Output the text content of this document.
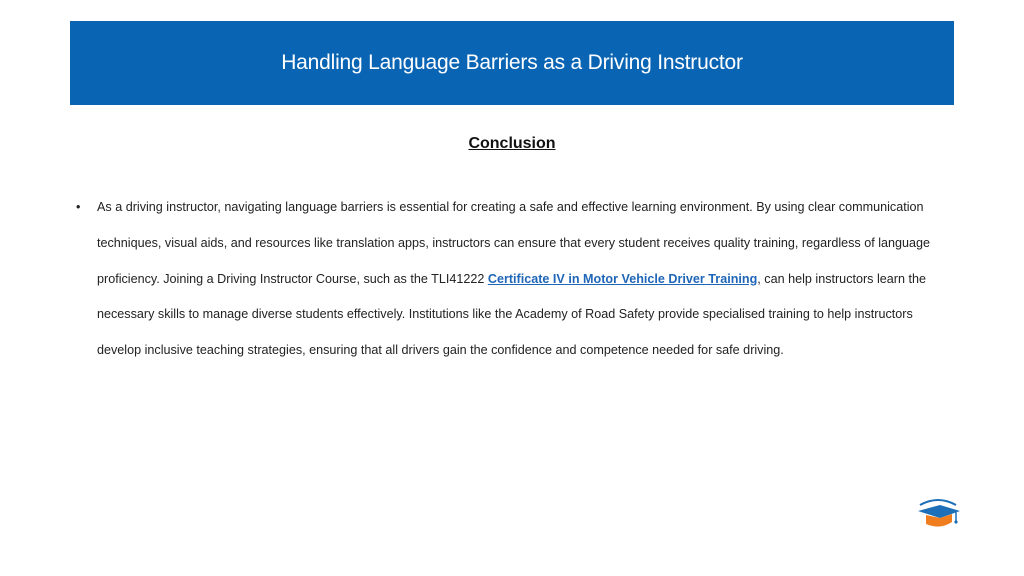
Handling Language Barriers as a Driving Instructor
Conclusion
•	As a driving instructor, navigating language barriers is essential for creating a safe and effective learning environment. By using clear communication techniques, visual aids, and resources like translation apps, instructors can ensure that every student receives quality training, regardless of language proficiency. Joining a Driving Instructor Course, such as the TLI41222 Certificate IV in Motor Vehicle Driver Training, can help instructors learn the necessary skills to manage diverse students effectively. Institutions like the Academy of Road Safety provide specialised training to help instructors develop inclusive teaching strategies, ensuring that all drivers gain the confidence and competence needed for safe driving.
